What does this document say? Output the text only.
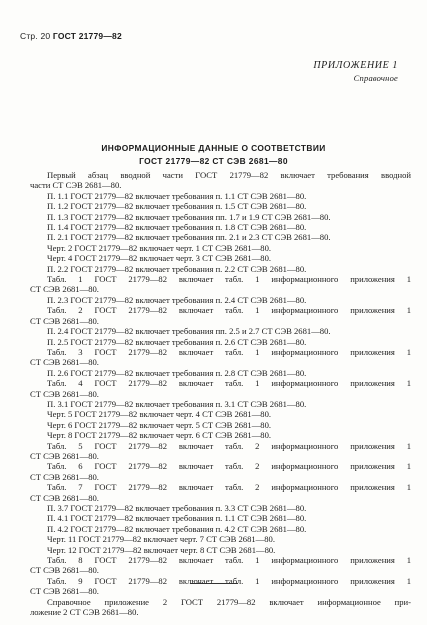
Стр. 20 ГОСТ 21779—82
ПРИЛОЖЕНИЕ 1
Справочное
ИНФОРМАЦИОННЫЕ ДАННЫЕ О СООТВЕТСТВИИ
ГОСТ 21779—82 СТ СЭВ 2681—80
Первый абзац вводной части ГОСТ 21779—82 включает требования вводной
части СТ СЭВ 2681—80.
П. 1.1 ГОСТ 21779—82 включает требования п. 1.1 СТ СЭВ 2681—80.
П. 1.2 ГОСТ 21779—82 включает требования п. 1.5 СТ СЭВ 2681—80.
П. 1.3 ГОСТ 21779—82 включает требования пп. 1.7 и 1.9 СТ СЭВ 2681—80.
П. 1.4 ГОСТ 21779—82 включает требования п. 1.8 СТ СЭВ 2681—80.
П. 2.1 ГОСТ 21779—82 включает требования пп. 2.1 и 2.3 СТ СЭВ 2681—80.
Черт. 2 ГОСТ 21779—82 включает черт. 1 СТ СЭВ 2681—80.
Черт. 4 ГОСТ 21779—82 включает черт. 3 СТ СЭВ 2681—80.
П. 2.2 ГОСТ 21779—82 включает требования п. 2.2 СТ СЭВ 2681—80.
Табл. 1 ГОСТ 21779—82 включает табл. 1 информационного приложения 1
СТ СЭВ 2681—80.
П. 2.3 ГОСТ 21779—82 включает требования п. 2.4 СТ СЭВ 2681—80.
Табл. 2 ГОСТ 21779—82 включает табл. 1 информационного приложения 1
СТ СЭВ 2681—80.
П. 2.4 ГОСТ 21779—82 включает требования пп. 2.5 и 2.7 СТ СЭВ 2681—80.
П. 2.5 ГОСТ 21779—82 включает требования п. 2.6 СТ СЭВ 2681—80.
Табл. 3 ГОСТ 21779—82 включает табл. 1 информационного приложения 1
СТ СЭВ 2681—80.
П. 2.6 ГОСТ 21779—82 включает требования п. 2.8 СТ СЭВ 2681—80.
Табл. 4 ГОСТ 21779—82 включает табл. 1 информационного приложения 1
СТ СЭВ 2681—80.
П. 3.1 ГОСТ 21779—82 включает требования п. 3.1 СТ СЭВ 2681—80.
Черт. 5 ГОСТ 21779—82 включает черт. 4 СТ СЭВ 2681—80.
Черт. 6 ГОСТ 21779—82 включает черт. 5 СТ СЭВ 2681—80.
Черт. 8 ГОСТ 21779—82 включает черт. 6 СТ СЭВ 2681—80.
Табл. 5 ГОСТ 21779—82 включает табл. 2 информационного приложения 1
СТ СЭВ 2681—80.
Табл. 6 ГОСТ 21779—82 включает табл. 2 информационного приложения 1
СТ СЭВ 2681—80.
Табл. 7 ГОСТ 21779—82 включает табл. 2 информационного приложения 1
СТ СЭВ 2681—80.
П. 3.7 ГОСТ 21779—82 включает требования п. 3.3 СТ СЭВ 2681—80.
П. 4.1 ГОСТ 21779—82 включает требования п. 1.1 СТ СЭВ 2681—80.
П. 4.2 ГОСТ 21779—82 включает требования п. 4.2 СТ СЭВ 2681—80.
Черт. 11 ГОСТ 21779—82 включает черт. 7 СТ СЭВ 2681—80.
Черт. 12 ГОСТ 21779—82 включает черт. 8 СТ СЭВ 2681—80.
Табл. 8 ГОСТ 21779—82 включает табл. 1 информационного приложения 1
СТ СЭВ 2681—80.
Табл. 9 ГОСТ 21779—82 включает табл. 1 информационного приложения 1
СТ СЭВ 2681—80.
Справочное приложение 2 ГОСТ 21779—82 включает информационное при-
ложение 2 СТ СЭВ 2681—80.
